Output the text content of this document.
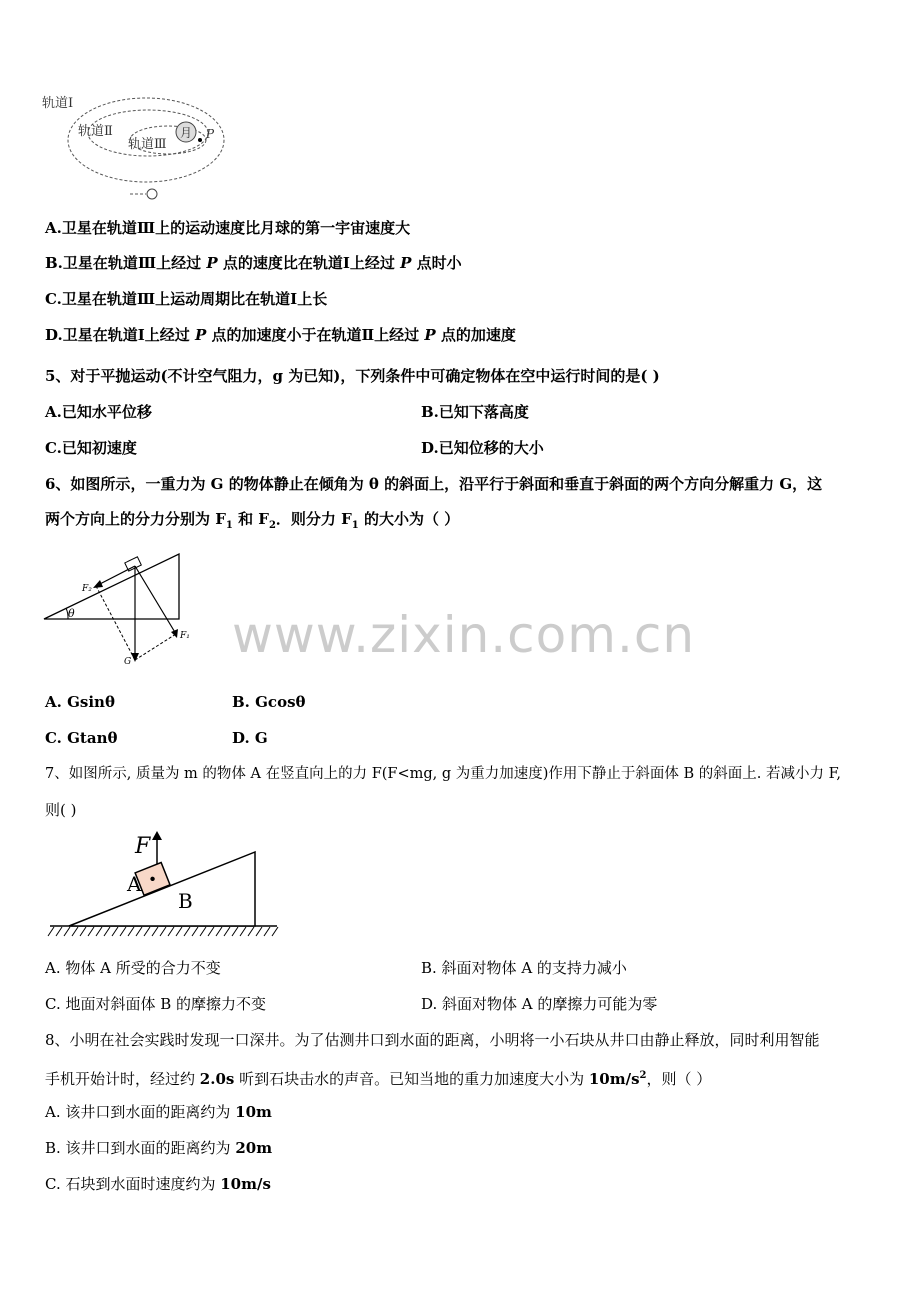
轨道Ⅰ
轨道Ⅱ
轨道Ⅲ
月 P
A.卫星在轨道Ⅲ上的运动速度比月球的第一宇宙速度大
B.卫星在轨道Ⅲ上经过 P 点的速度比在轨道Ⅰ上经过 P 点时小
C.卫星在轨道Ⅲ上运动周期比在轨道Ⅰ上长
D.卫星在轨道Ⅰ上经过 P 点的加速度小于在轨道Ⅱ上经过 P 点的加速度
5、对于平抛运动(不计空气阻力，g 为已知)，下列条件中可确定物体在空中运行时间的是( )
A.已知水平位移	B.已知下落高度
C.已知初速度	D.已知位移的大小
6、如图所示，一重力为 G 的物体静止在倾角为 θ 的斜面上，沿平行于斜面和垂直于斜面的两个方向分解重力 G，这
两个方向上的分力分别为 $F_1$ 和 $F_2$．则分力 $F_1$ 的大小为（ ）
F₂
θ
F₁
G
A. Gsinθ	B. Gcosθ
C. Gtanθ	D. G
7、如图所示, 质量为 m 的物体 A 在竖直向上的力 F(F<mg, g 为重力加速度)作用下静止于斜面体 B 的斜面上. 若减小力 F,
则( )
F
A
B
A. 物体 A 所受的合力不变	B. 斜面对物体 A 的支持力减小
C. 地面对斜面体 B 的摩擦力不变	D. 斜面对物体 A 的摩擦力可能为零
8、小明在社会实践时发现一口深井。为了估测井口到水面的距离，小明将一小石块从井口由静止释放，同时利用智能
手机开始计时，经过约 2.0s 听到石块击水的声音。已知当地的重力加速度大小为 $10m/s^2$，则（ ）
A. 该井口到水面的距离约为 10m
B. 该井口到水面的距离约为 20m
C. 石块到水面时速度约为 10m/s
www.zixin.com.cn
